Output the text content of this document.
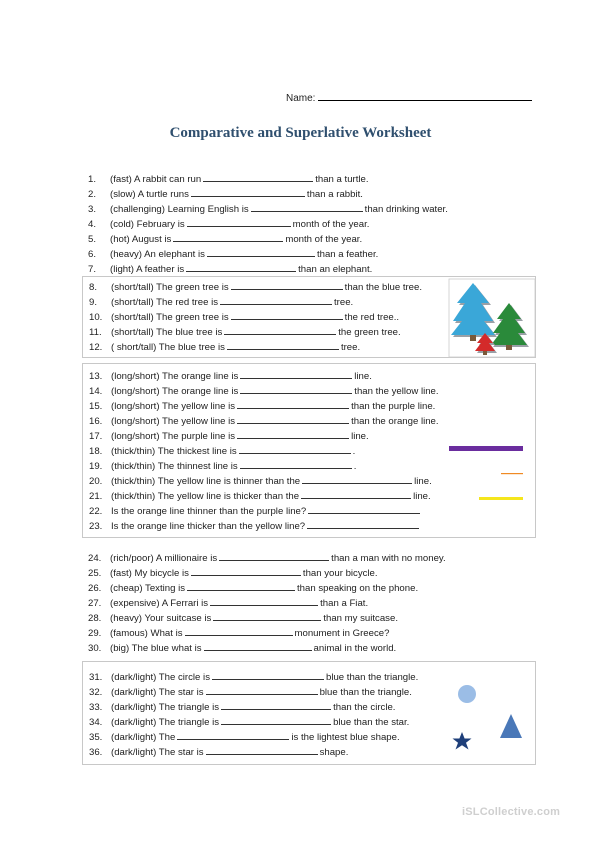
Name:
Comparative and Superlative Worksheet
1. (fast) A rabbit can run	than a turtle.
2. (slow) A turtle runs	than a rabbit.
3. (challenging) Learning English is	than drinking water.
4. (cold) February is	month of the year.
5. (hot) August is	month of the year.
6. (heavy) An elephant is	than a feather.
7. (light) A feather is	than an elephant.
8. (short/tall) The green tree is	than the blue tree.
9. (short/tall) The red tree is	tree.
10. (short/tall) The green tree is	the red tree..
11. (short/tall) The blue tree is	the green tree.
12. ( short/tall) The blue tree is	tree.
13. (long/short) The orange line is	line.
14. (long/short) The orange line is	than the yellow line.
15. (long/short) The yellow line is	than the purple line.
16. (long/short) The yellow line is	than the orange line.
17. (long/short) The purple line is	line.
18. (thick/thin) The thickest line is	.
19. (thick/thin) The thinnest line is	.
20. (thick/thin) The yellow line is thinner than the	line.
21. (thick/thin) The yellow line is thicker than the	line.
22. Is the orange line thinner than the purple line?
23. Is the orange line thicker than the yellow line?
24. (rich/poor) A millionaire is	than a man with no money.
25. (fast) My bicycle is	than your bicycle.
26. (cheap) Texting is	than speaking on the phone.
27. (expensive) A Ferrari is	than a Fiat.
28. (heavy) Your suitcase is	than my suitcase.
29. (famous) What is	monument in Greece?
30. (big) The blue what is	animal in the world.
31. (dark/light) The circle is	blue than the triangle.
32. (dark/light) The star is	blue than the triangle.
33. (dark/light) The triangle is	than the circle.
34. (dark/light) The triangle is	blue than the star.
35. (dark/light) The	is the lightest blue shape.
36. (dark/light) The star is	shape.
iSLCollective.com
